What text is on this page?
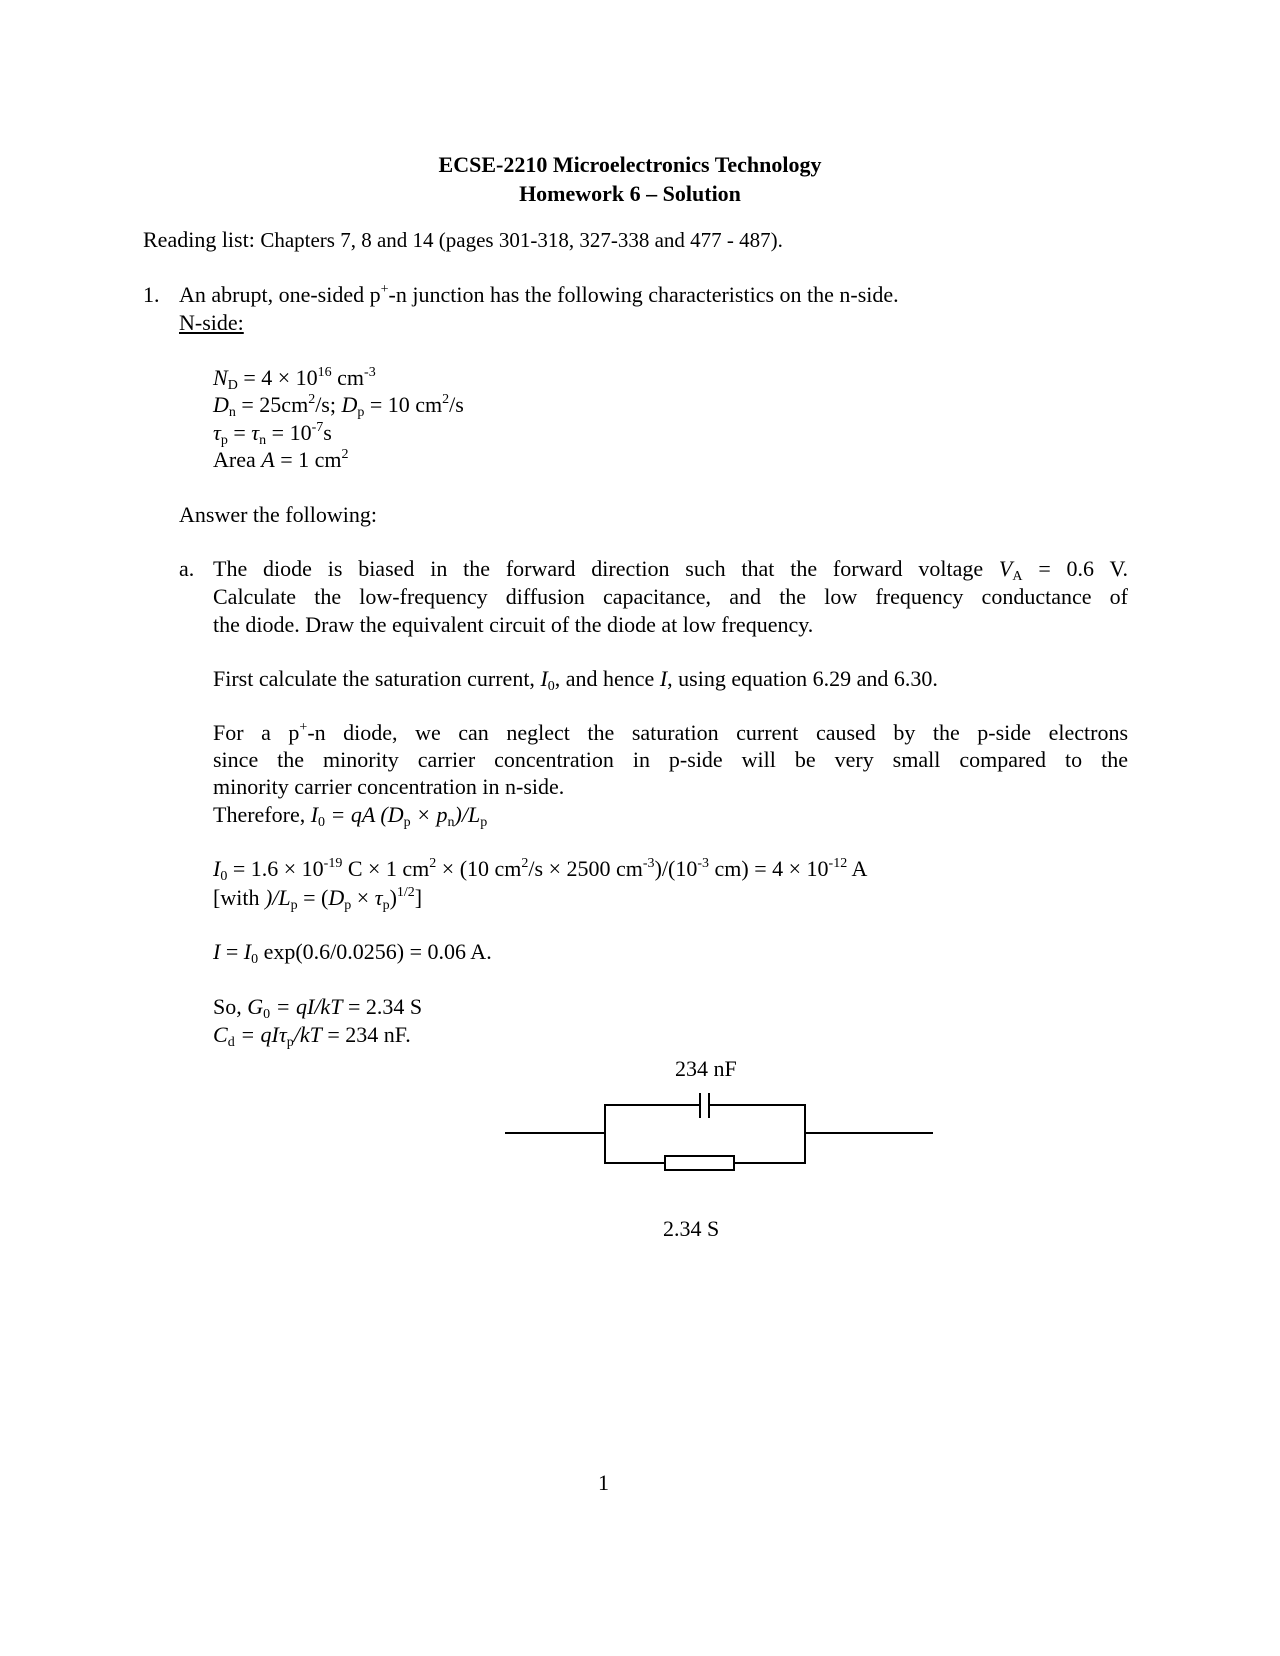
ECSE-2210 Microelectronics Technology
Homework 6 – Solution
Reading list: Chapters 7, 8 and 14 (pages 301-318, 327-338 and 477 - 487).
1. An abrupt, one-sided p+-n junction has the following characteristics on the n-side.
N-side:
$N_D = 4 \times 10^{16}$ $cm^{-3}$
$D_n = 25cm^2/s$; $D_p = 10$ $cm^2/s$
$\tau_p = \tau_n = 10^{-7}s$
Area A = 1 $cm^2$
Answer the following:
a. The diode is biased in the forward direction such that the forward voltage $V_A = 0.6$ V.
Calculate the low-frequency diffusion capacitance, and the low frequency conductance of
the diode. Draw the equivalent circuit of the diode at low frequency.
First calculate the saturation current, $I_0$, and hence I, using equation 6.29 and 6.30.
For a p+-n diode, we can neglect the saturation current caused by the p-side electrons
since the minority carrier concentration in p-side will be very small compared to the
minority carrier concentration in n-side.
Therefore, $I_0$ = qA $(D_p \times p_n)/L_p$
$I_0 = 1.6 \times 10^{-19}$ C × 1 $cm^2 \times (10$ $cm^2/s \times 2500$ $cm^{-3})/(10^{-3}$ $cm) = 4 \times 10^{-12}$ A
[with )$/L_p = (D_p \times \tau_p)^{1/2}$]
$I = I_0$ exp(0.6/0.0256) = 0.06 A.
So, $G_0 = qI/kT = 2.34$ S
$C_d = qI\tau_p/kT = 234$ nF.
234 nF
2.34 S
1
